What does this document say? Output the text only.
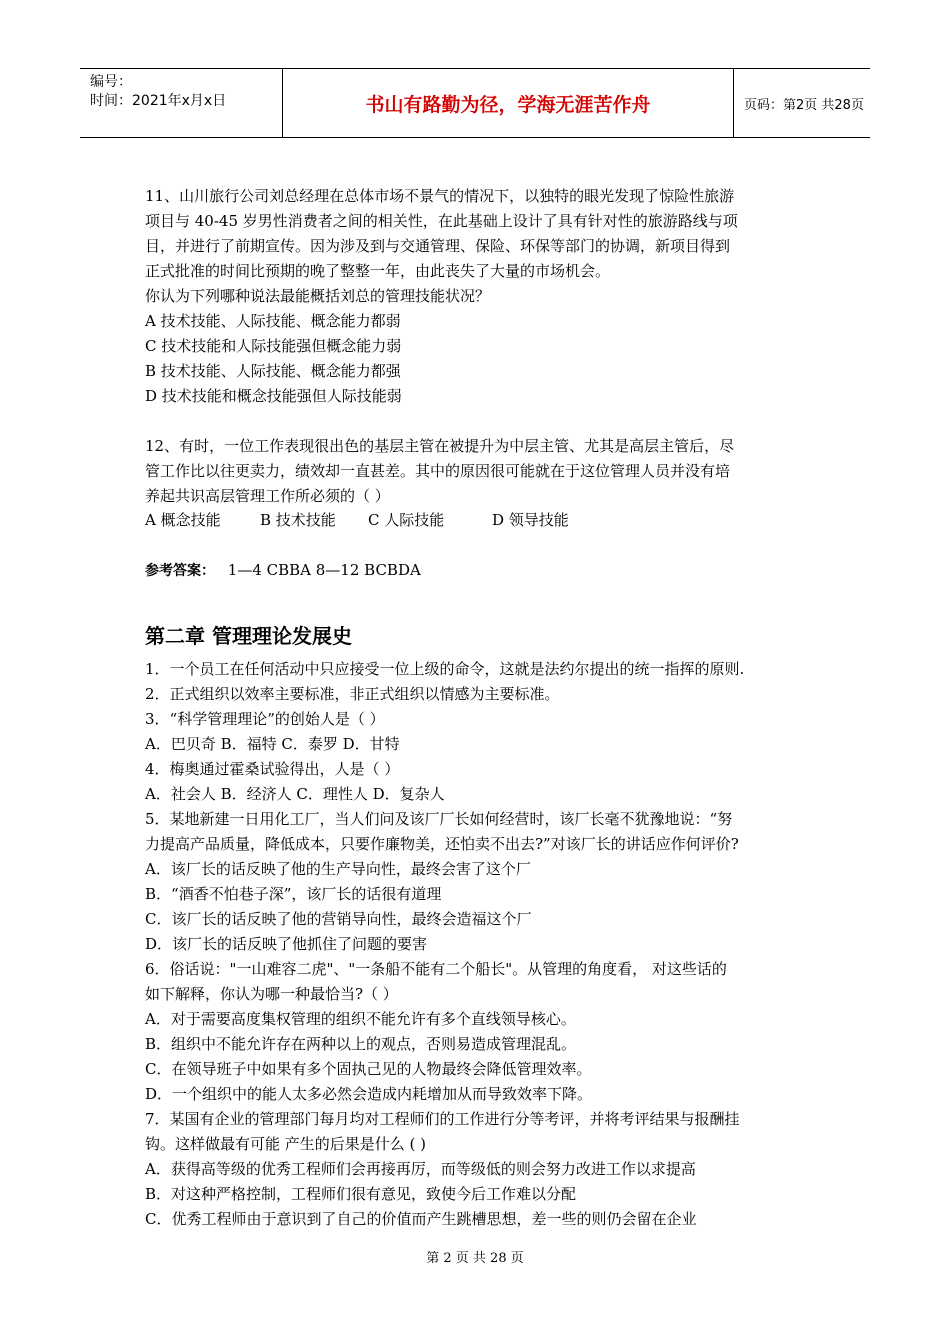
编号：
时间：2021年x月x日	书山有路勤为径，学海无涯苦作舟	页码：第2页 共28页
11、山川旅行公司刘总经理在总体市场不景气的情况下，以独特的眼光发现了惊险性旅游
项目与 40-45 岁男性消费者之间的相关性，在此基础上设计了具有针对性的旅游路线与项
目，并进行了前期宣传。因为涉及到与交通管理、保险、环保等部门的协调，新项目得到
正式批准的时间比预期的晚了整整一年，由此丧失了大量的市场机会。
你认为下列哪种说法最能概括刘总的管理技能状况？
A 技术技能、人际技能、概念能力都弱
C 技术技能和人际技能强但概念能力弱
B 技术技能、人际技能、概念能力都强
D 技术技能和概念技能强但人际技能弱
12、有时，一位工作表现很出色的基层主管在被提升为中层主管、尤其是高层主管后，尽
管工作比以往更卖力，绩效却一直甚差。其中的原因很可能就在于这位管理人员并没有培
养起共识高层管理工作所必须的（ ）
A 概念技能	B 技术技能 C 人际技能	D 领导技能
参考答案： 1—4 CBBA 8—12 BCBDA
第二章 管理理论发展史
1．一个员工在任何活动中只应接受一位上级的命令，这就是法约尔提出的统一指挥的原则.
2．正式组织以效率主要标准，非正式组织以情感为主要标准。
3．“科学管理理论”的创始人是（ ）
A．巴贝奇 B．福特 C．泰罗 D．甘特
4．梅奥通过霍桑试验得出，人是（ ）
A．社会人 B．经济人 C．理性人 D．复杂人
5．某地新建一日用化工厂，当人们问及该厂厂长如何经营时，该厂长毫不犹豫地说：“努
力提高产品质量，降低成本，只要作廉物美，还怕卖不出去?”对该厂长的讲话应作何评价?
A．该厂长的话反映了他的生产导向性，最终会害了这个厂
B．“酒香不怕巷子深”，该厂长的话很有道理
C．该厂长的话反映了他的营销导向性，最终会造福这个厂
D．该厂长的话反映了他抓住了问题的要害
6．俗话说："一山难容二虎"、"一条船不能有二个船长"。从管理的角度看， 对这些话的
如下解释，你认为哪一种最恰当?（ ）
A．对于需要高度集权管理的组织不能允许有多个直线领导核心。
B．组织中不能允许存在两种以上的观点，否则易造成管理混乱。
C．在领导班子中如果有多个固执己见的人物最终会降低管理效率。
D．一个组织中的能人太多必然会造成内耗增加从而导致效率下降。
7．某国有企业的管理部门每月均对工程师们的工作进行分等考评，并将考评结果与报酬挂
钩。这样做最有可能 产生的后果是什么 ( )
A．获得高等级的优秀工程师们会再接再厉，而等级低的则会努力改进工作以求提高
B．对这种严格控制，工程师们很有意见，致使今后工作难以分配
C．优秀工程师由于意识到了自己的价值而产生跳槽思想，差一些的则仍会留在企业
第 2 页 共 28 页
